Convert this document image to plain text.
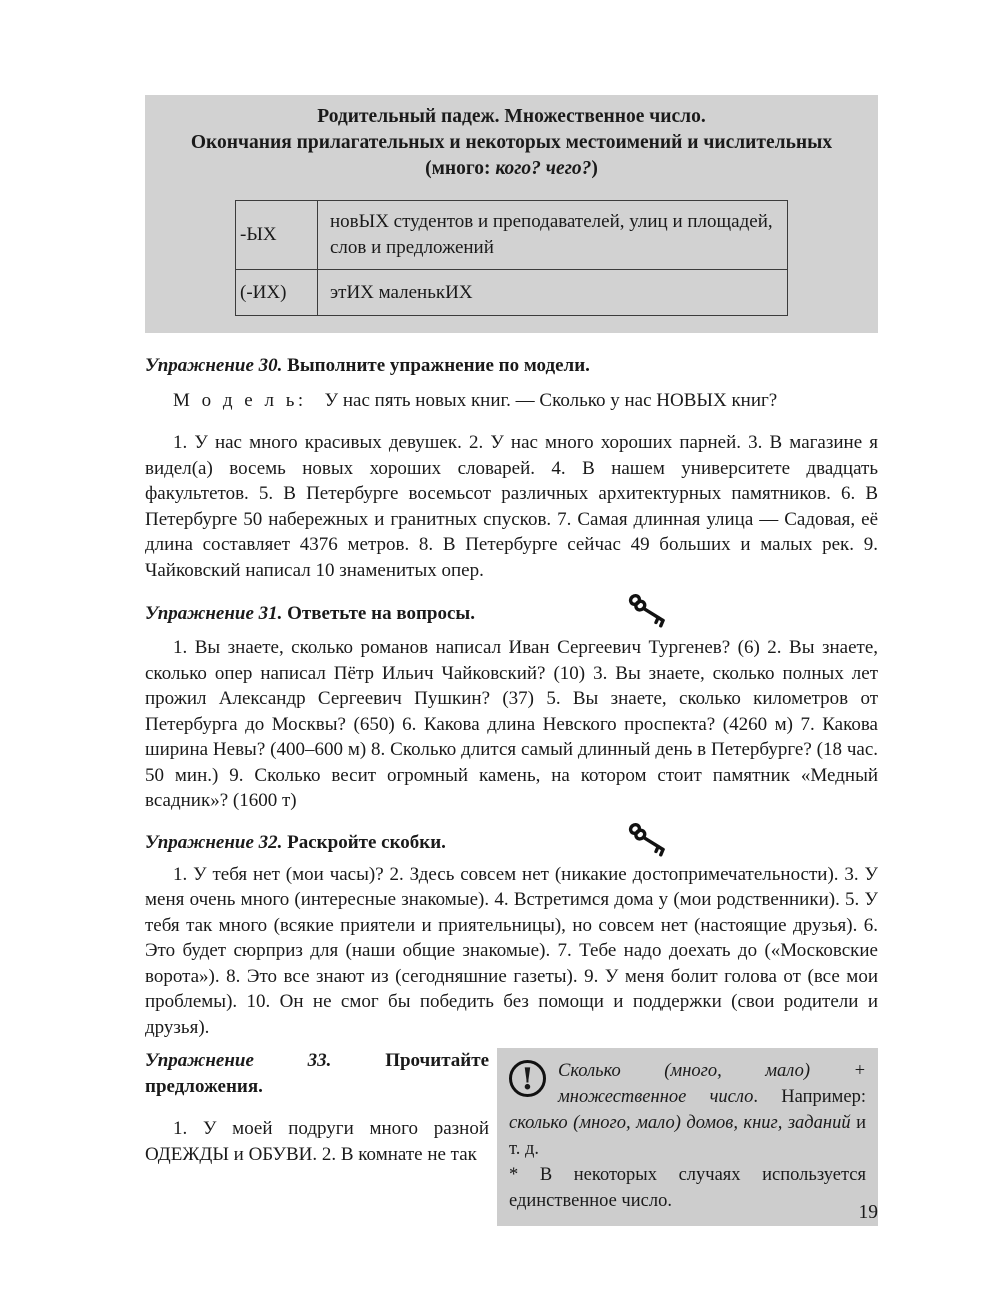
Родительный падеж. Множественное число.
Окончания прилагательных и некоторых местоимений и числительных
(много: кого? чего?)
-ЫХ	новЫХ студентов и преподавателей, улиц и площадей, слов и предложений
(-ИХ)	этИХ маленькИХ
Упражнение 30. Выполните упражнение по модели.
М о д е л ь: У нас пять новых книг. — Сколько у нас НОВЫХ книг?
1. У нас много красивых девушек. 2. У нас много хороших парней. 3. В магазине я видел(а) восемь новых хороших словарей. 4. В нашем университете двадцать факультетов. 5. В Петербурге восемьсот различных архитектурных памятников. 6. В Петербурге 50 набережных и гранитных спусков. 7. Самая длинная улица — Садовая, её длина составляет 4376 метров. 8. В Петербурге сейчас 49 больших и малых рек. 9. Чайковский написал 10 знаменитых опер.
Упражнение 31. Ответьте на вопросы.
1. Вы знаете, сколько романов написал Иван Сергеевич Тургенев? (6) 2. Вы знаете, сколько опер написал Пётр Ильич Чайковский? (10) 3. Вы знаете, сколько полных лет прожил Александр Сергеевич Пушкин? (37) 5. Вы знаете, сколько километров от Петербурга до Москвы? (650) 6. Какова длина Невского проспекта? (4260 м) 7. Какова ширина Невы? (400–600 м) 8. Сколько длится самый длинный день в Петербурге? (18 час. 50 мин.) 9. Сколько весит огромный камень, на котором стоит памятник «Медный всадник»? (1600 т)
Упражнение 32. Раскройте скобки.
1. У тебя нет (мои часы)? 2. Здесь совсем нет (никакие достопримечательности). 3. У меня очень много (интересные знакомые). 4. Встретимся дома у (мои родственники). 5. У тебя так много (всякие приятели и приятельницы), но совсем нет (настоящие друзья). 6. Это будет сюрприз для (наши общие знакомые). 7. Тебе надо доехать до («Московские ворота»). 8. Это все знают из (сегодняшние газеты). 9. У меня болит голова от (все мои проблемы). 10. Он не смог бы победить без помощи и поддержки (свои родители и друзья).
Упражнение 33.	Прочитайте предложения.
1. У моей подруги много разной ОДЕЖДЫ и ОБУВИ. 2. В комнате не так
!	Сколько (много, мало) + множественное число. Например: сколько (много, мало) домов, книг, заданий и т. д.
* В некоторых случаях используется единственное число.
19
